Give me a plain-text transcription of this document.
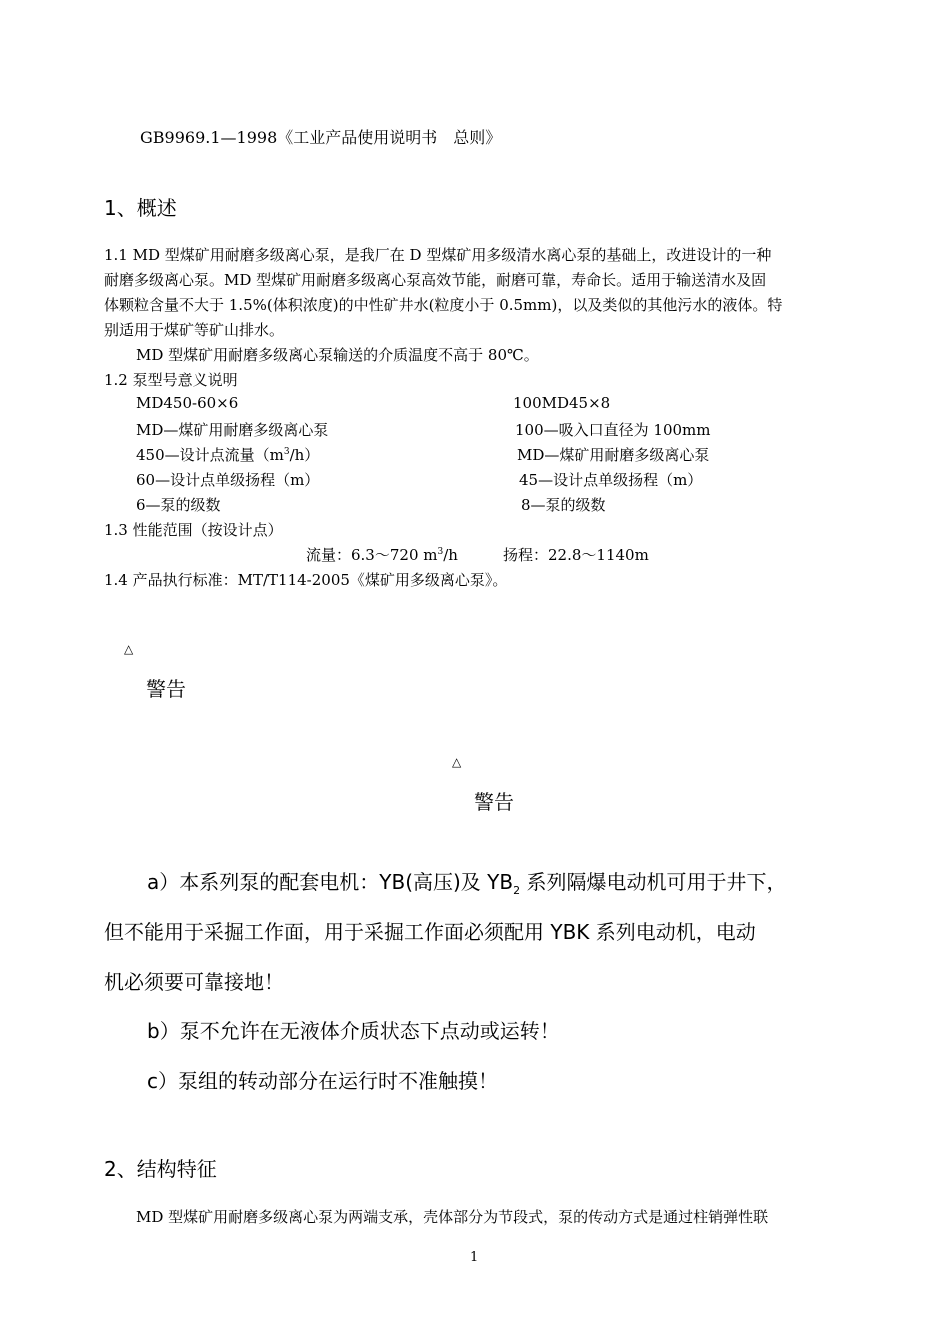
GB9969.1—1998《工业产品使用说明书　总则》
1、概述
1.1 MD 型煤矿用耐磨多级离心泵，是我厂在 D 型煤矿用多级清水离心泵的基础上，改进设计的一种
耐磨多级离心泵。MD 型煤矿用耐磨多级离心泵高效节能，耐磨可靠，寿命长。适用于输送清水及固
体颗粒含量不大于 1.5%(体积浓度)的中性矿井水(粒度小于 0.5mm)，以及类似的其他污水的液体。特
别适用于煤矿等矿山排水。
MD 型煤矿用耐磨多级离心泵输送的介质温度不高于 80℃。
1.2 泵型号意义说明
MD450-60×6
MD—煤矿用耐磨多级离心泵
450—设计点流量$(m^3/h)$
60—设计点单级扬程（m）
6—泵的级数
100MD45×8
100—吸入口直径为 100mm
MD—煤矿用耐磨多级离心泵
45—设计点单级扬程（m）
8—泵的级数
1.3 性能范围（按设计点）
流量：6.3～720 $m^3/h$	扬程：22.8～1140m
1.4 产品执行标准：MT/T114-2005《煤矿用多级离心泵》。
△
警告
△
警告
a）本系列泵的配套电机：YB(高压)及 $YB_2$ 系列隔爆电动机可用于井下，
但不能用于采掘工作面，用于采掘工作面必须配用 YBK 系列电动机，电动
机必须要可靠接地！
b）泵不允许在无液体介质状态下点动或运转！
c）泵组的转动部分在运行时不准触摸！
2、结构特征
MD 型煤矿用耐磨多级离心泵为两端支承，壳体部分为节段式，泵的传动方式是通过柱销弹性联
1
